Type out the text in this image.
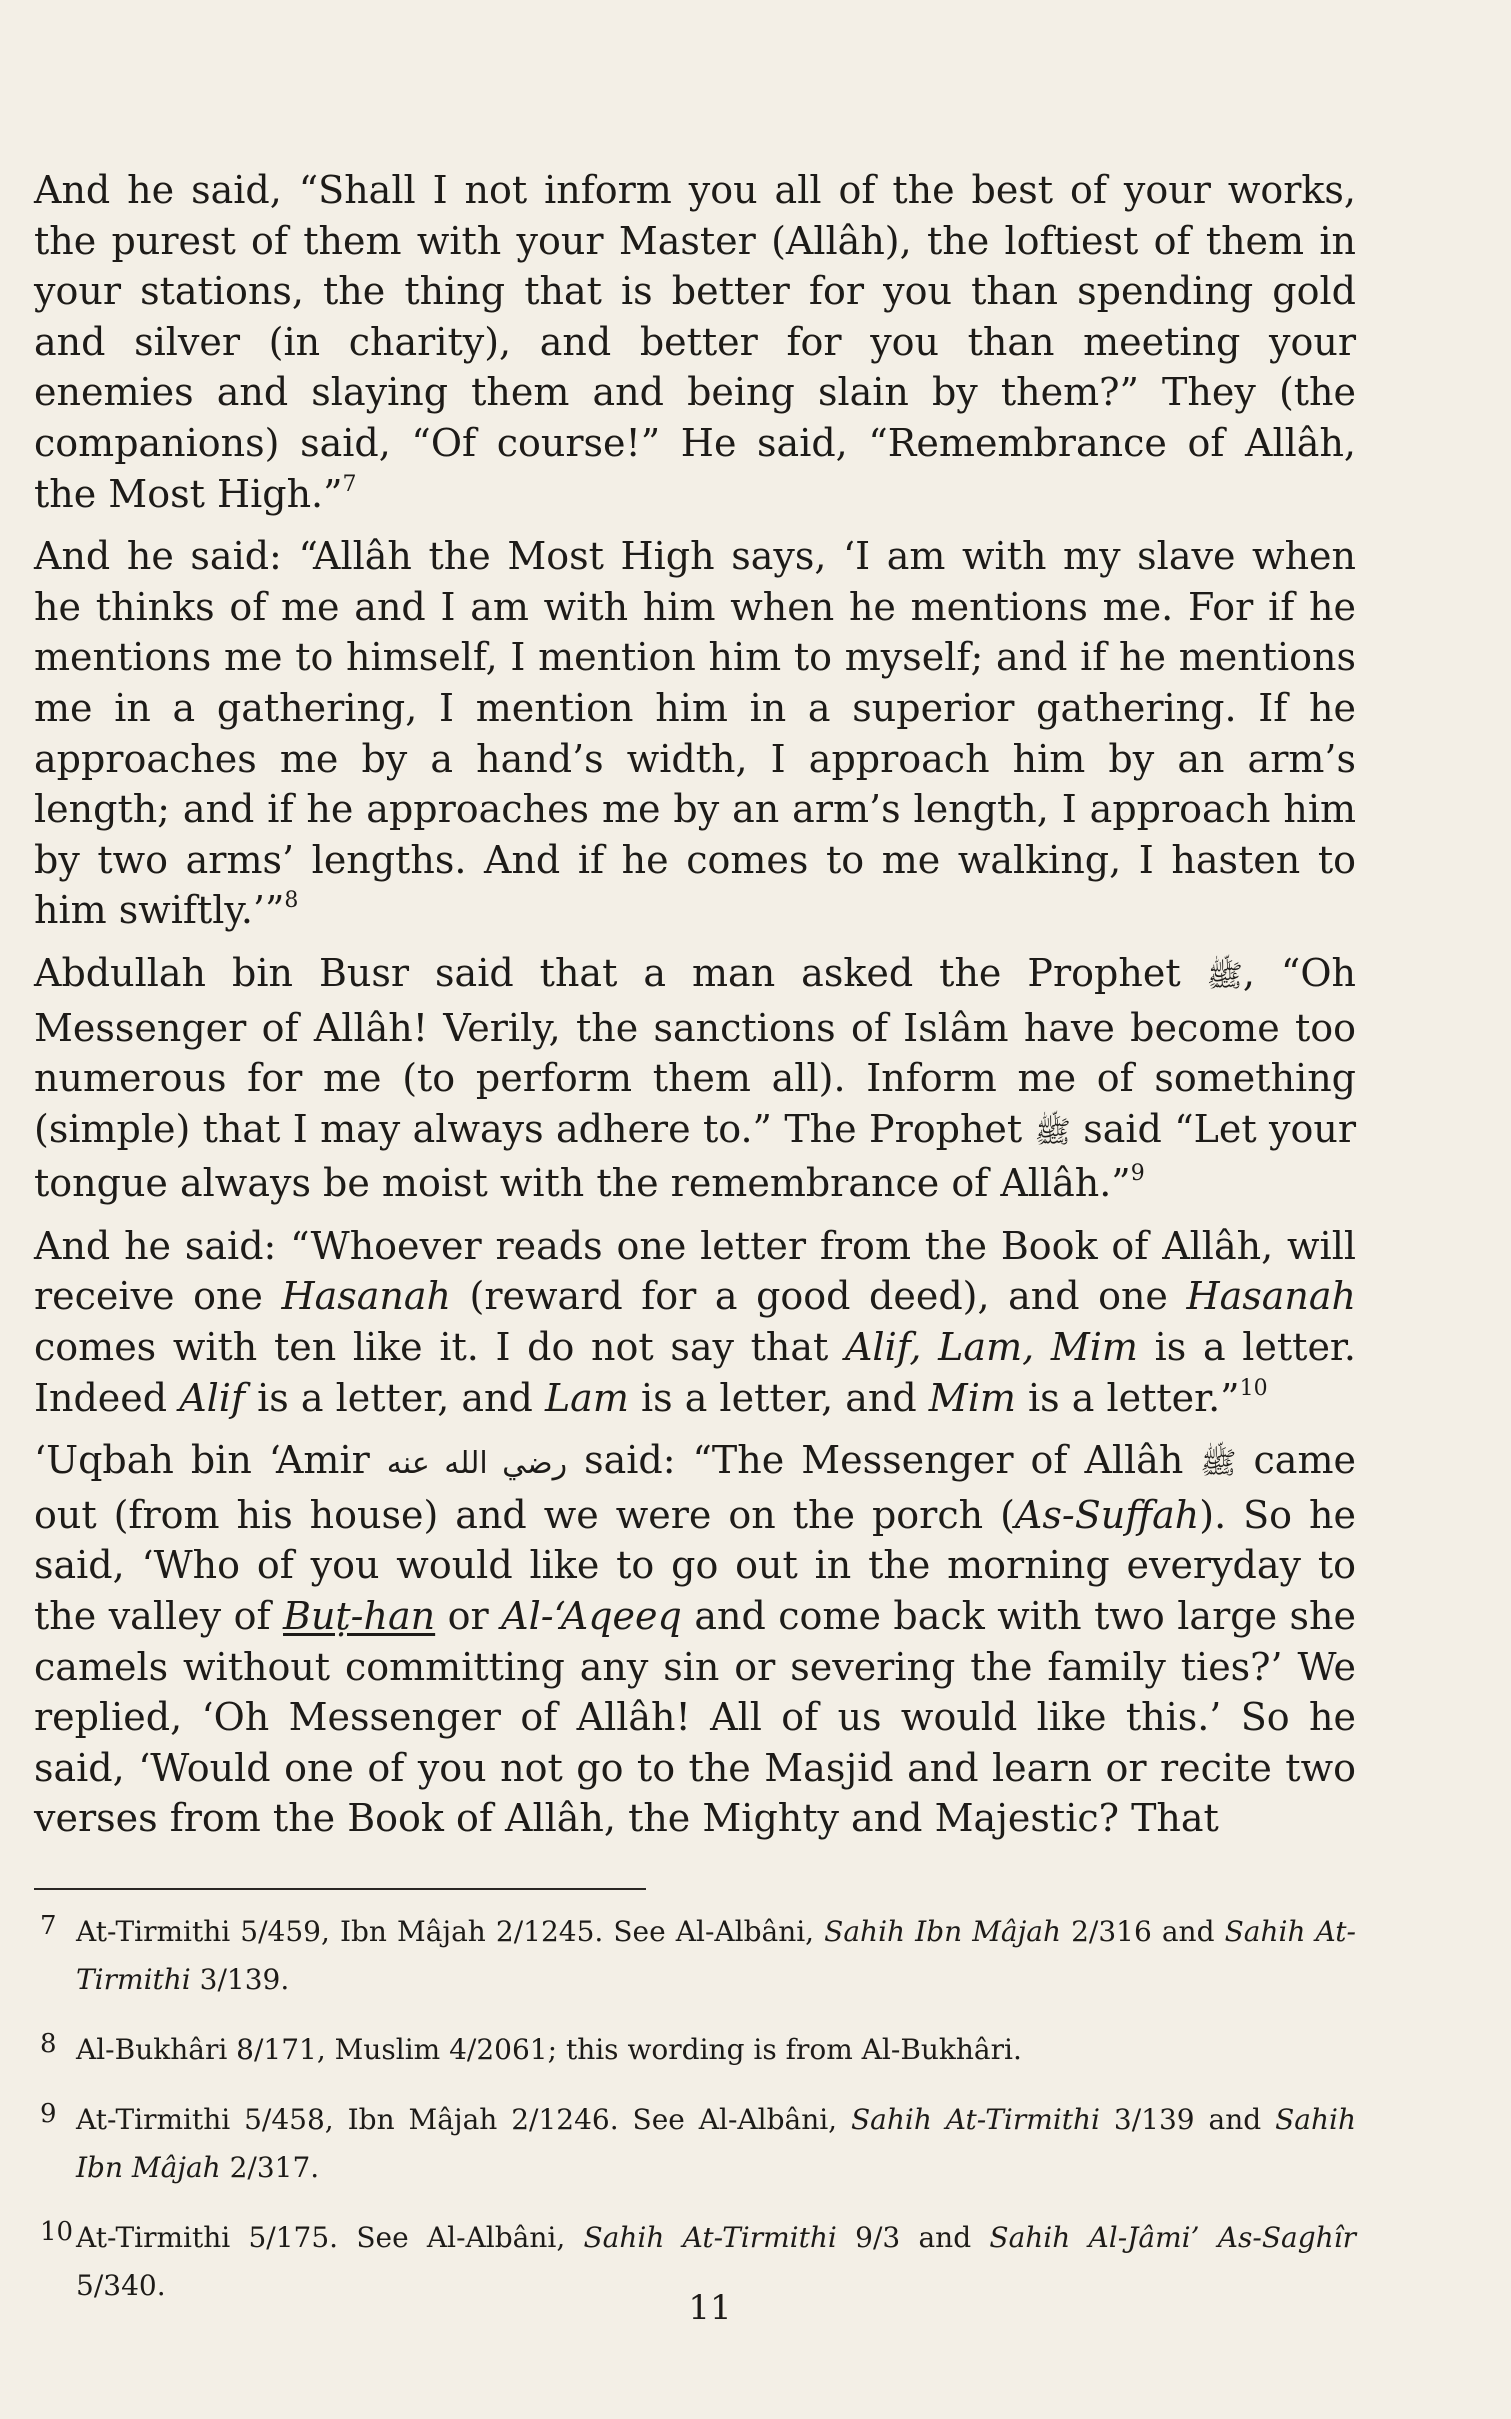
And he said, “Shall I not inform you all of the best of your works, the purest of them with your Master (Allâh), the loftiest of them in your stations, the thing that is better for you than spending gold and silver (in charity), and better for you than meeting your enemies and slaying them and being slain by them?” They (the companions) said, “Of course!” He said, “Remembrance of Allâh, the Most High.”$^7$

And he said: “Allâh the Most High says, ‘I am with my slave when he thinks of me and I am with him when he mentions me. For if he mentions me to himself, I mention him to myself; and if he mentions me in a gathering, I mention him in a superior gathering. If he approaches me by a hand’s width, I approach him by an arm’s length; and if he approaches me by an arm’s length, I approach him by two arms’ lengths. And if he comes to me walking, I hasten to him swiftly.’”$^8$

Abdullah bin Busr said that a man asked the Prophet ﷺ, “Oh Messenger of Allâh! Verily, the sanctions of Islâm have become too numerous for me (to perform them all). Inform me of something (simple) that I may always adhere to.” The Prophet ﷺ said “Let your tongue always be moist with the remembrance of Allâh.”$^9$

And he said: “Whoever reads one letter from the Book of Allâh, will receive one Hasanah (reward for a good deed), and one Hasanah comes with ten like it. I do not say that Alif, Lam, Mim is a letter. Indeed Alif is a letter, and Lam is a letter, and Mim is a letter.”$^{10}$

‘Uqbah bin ‘Amir رضي الله عنه said: “The Messenger of Allâh ﷺ came out (from his house) and we were on the porch (As-Suffah). So he said, ‘Who of you would like to go out in the morning everyday to the valley of Buṭ-han or Al-‘Aqeeq and come back with two large she camels without committing any sin or severing the family ties?’ We replied, ‘Oh Messenger of Allâh! All of us would like this.’ So he said, ‘Would one of you not go to the Masjid and learn or recite two verses from the Book of Allâh, the Mighty and Majestic? That

7 At-Tirmithi 5/459, Ibn Mâjah 2/1245. See Al-Albâni, Sahih Ibn Mâjah 2/316 and Sahih At-Tirmithi 3/139.
8 Al-Bukhâri 8/171, Muslim 4/2061; this wording is from Al-Bukhâri.
9 At-Tirmithi 5/458, Ibn Mâjah 2/1246. See Al-Albâni, Sahih At-Tirmithi 3/139 and Sahih Ibn Mâjah 2/317.
10 At-Tirmithi 5/175. See Al-Albâni, Sahih At-Tirmithi 9/3 and Sahih Al-Jâmi’ As-Saghîr 5/340.
11
